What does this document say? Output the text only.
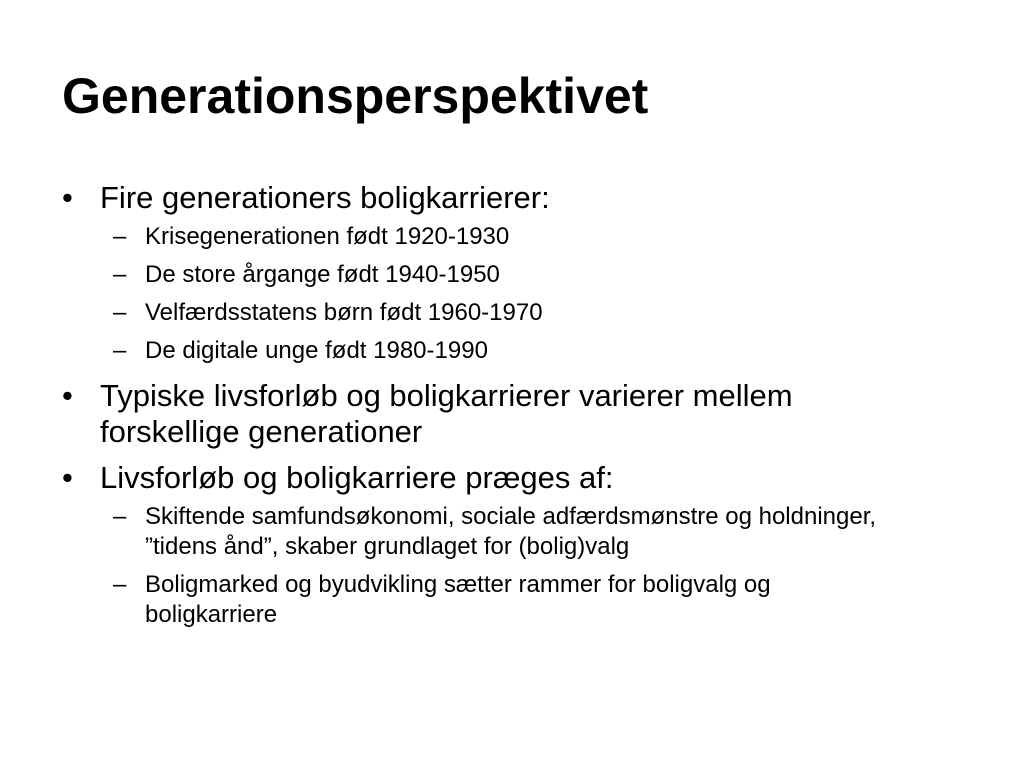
Generationsperspektivet
• Fire generationers boligkarrierer:
– Krisegenerationen født 1920-1930
– De store årgange født 1940-1950
– Velfærdsstatens børn født 1960-1970
– De digitale unge født 1980-1990
• Typiske livsforløb og boligkarrierer varierer mellem forskellige generationer
• Livsforløb og boligkarriere præges af:
– Skiftende samfundsøkonomi, sociale adfærdsmønstre og holdninger, ”tidens ånd”, skaber grundlaget for (bolig)valg
– Boligmarked og byudvikling sætter rammer for boligvalg og boligkarriere
